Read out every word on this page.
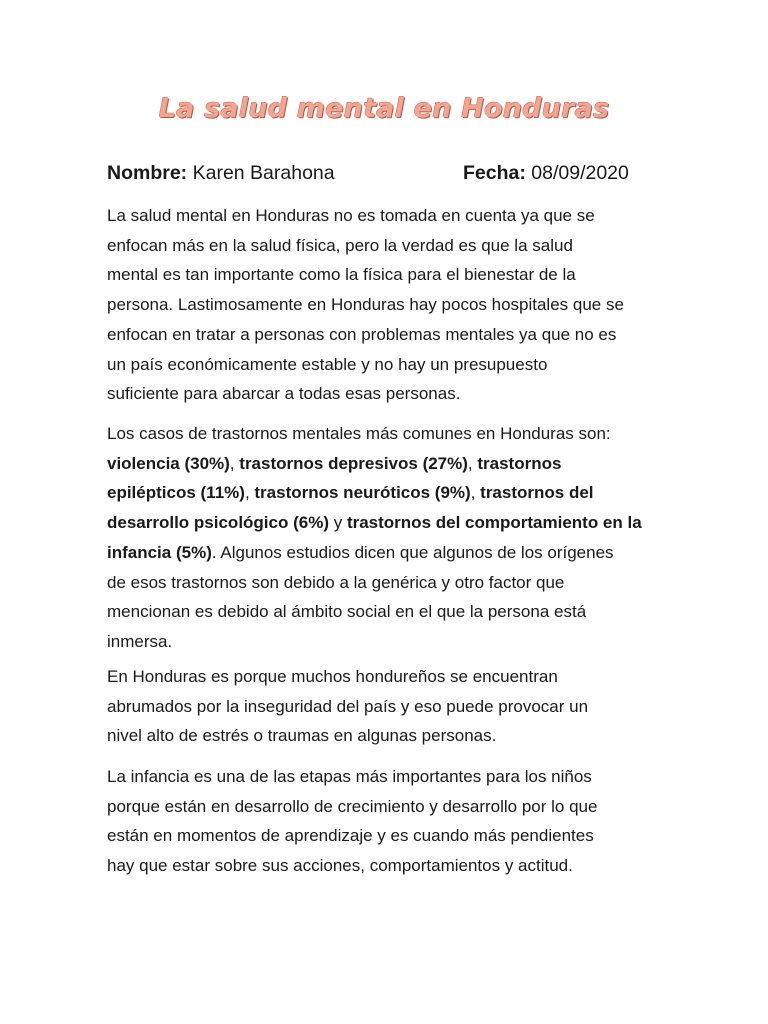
La salud mental en Honduras

Nombre: Karen Barahona	Fecha: 08/09/2020

La salud mental en Honduras no es tomada en cuenta ya que se
enfocan más en la salud física, pero la verdad es que la salud
mental es tan importante como la física para el bienestar de la
persona. Lastimosamente en Honduras hay pocos hospitales que se
enfocan en tratar a personas con problemas mentales ya que no es
un país económicamente estable y no hay un presupuesto
suficiente para abarcar a todas esas personas.

Los casos de trastornos mentales más comunes en Honduras son:
violencia (30%), trastornos depresivos (27%), trastornos
epilépticos (11%), trastornos neuróticos (9%), trastornos del
desarrollo psicológico (6%) y trastornos del comportamiento en la
infancia (5%). Algunos estudios dicen que algunos de los orígenes
de esos trastornos son debido a la genérica y otro factor que
mencionan es debido al ámbito social en el que la persona está
inmersa.

En Honduras es porque muchos hondureños se encuentran
abrumados por la inseguridad del país y eso puede provocar un
nivel alto de estrés o traumas en algunas personas.

La infancia es una de las etapas más importantes para los niños
porque están en desarrollo de crecimiento y desarrollo por lo que
están en momentos de aprendizaje y es cuando más pendientes
hay que estar sobre sus acciones, comportamientos y actitud.
